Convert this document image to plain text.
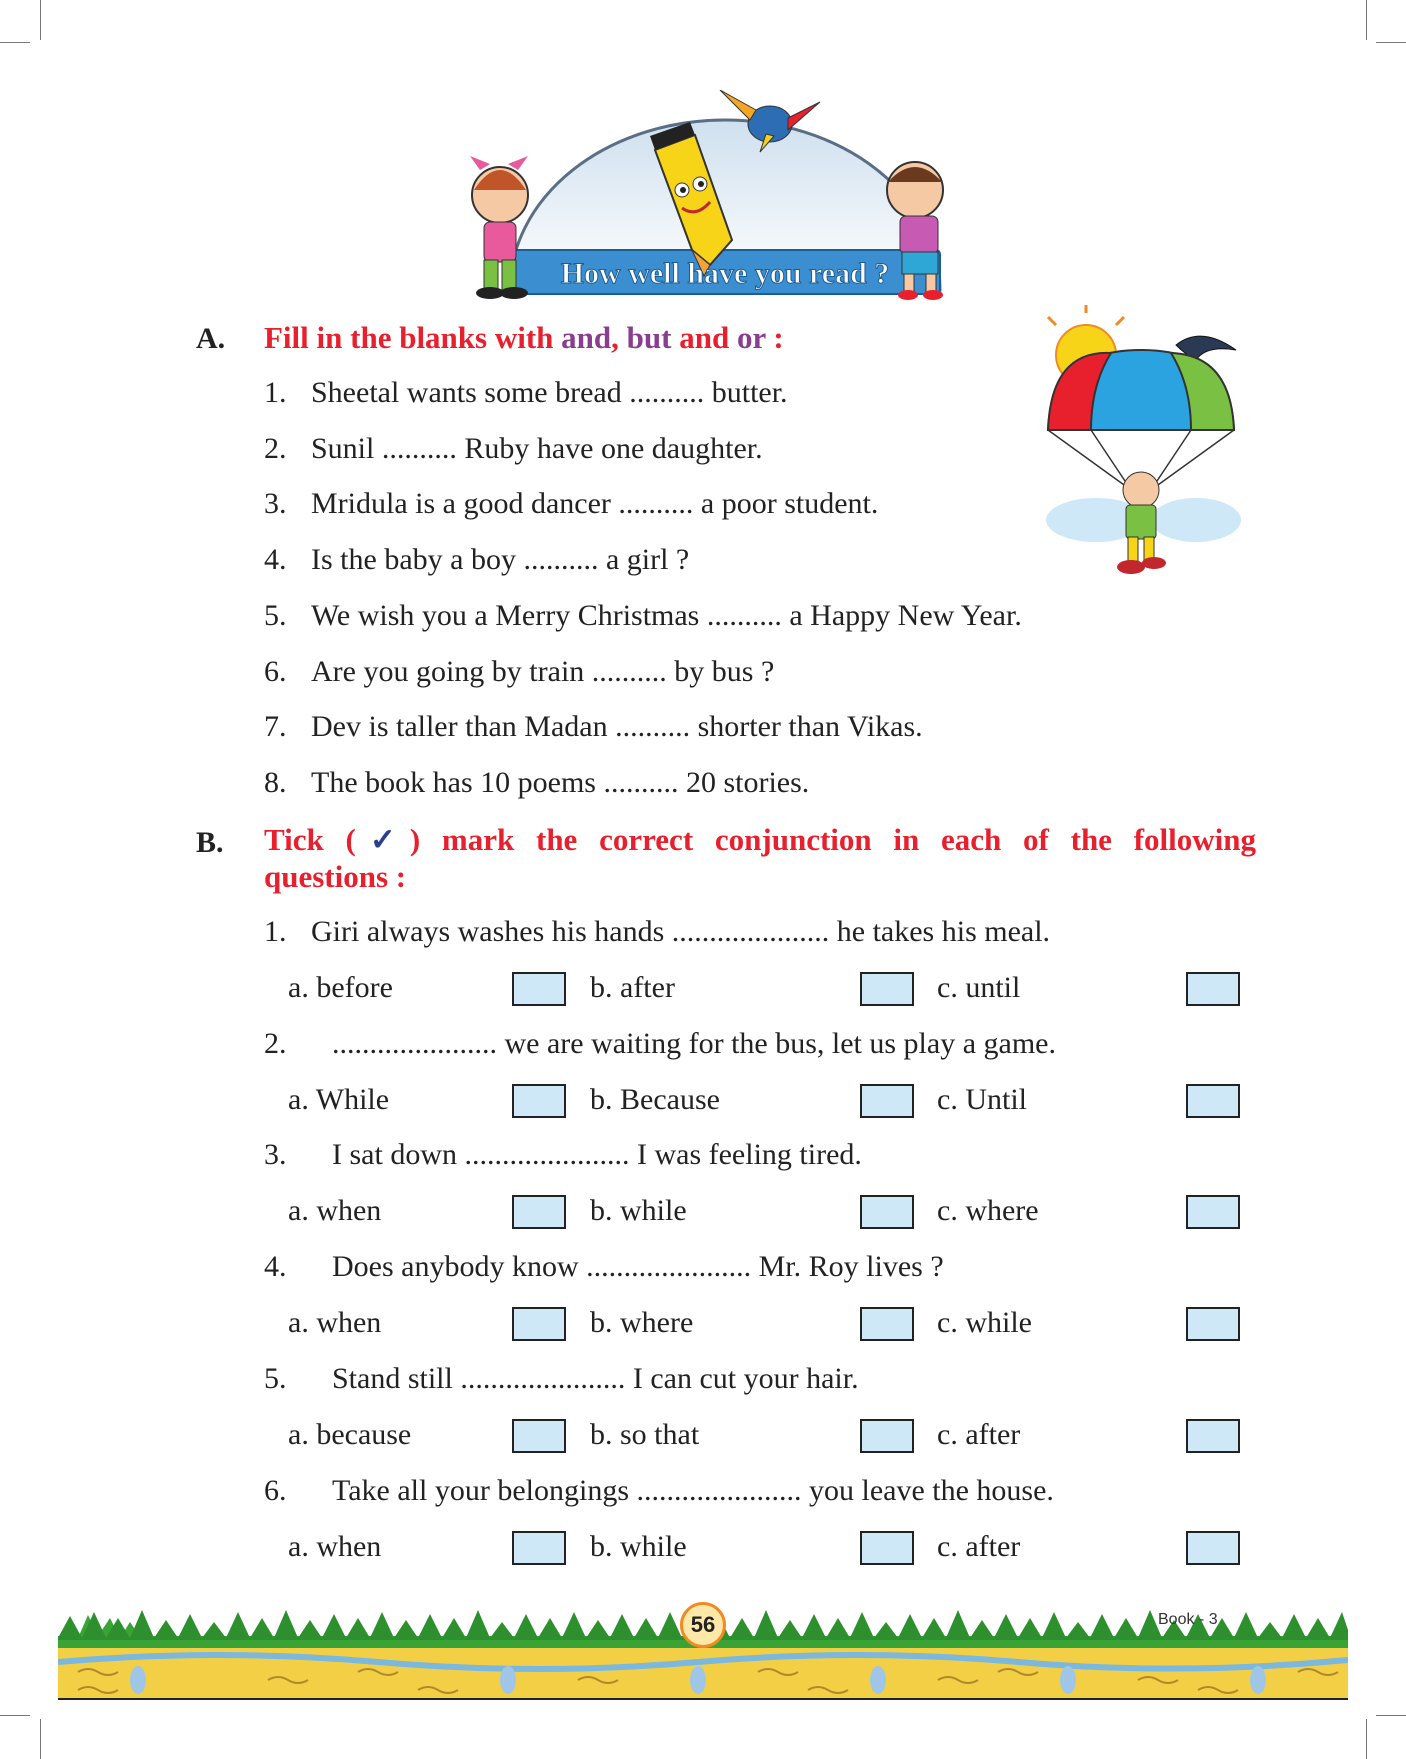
How well have you read ?
A. Fill in the blanks with and, but and or :
1. Sheetal wants some bread .......... butter.
2. Sunil .......... Ruby have one daughter.
3. Mridula is a good dancer .......... a poor student.
4. Is the baby a boy .......... a girl ?
5. We wish you a Merry Christmas .......... a Happy New Year.
6. Are you going by train .......... by bus ?
7. Dev is taller than Madan .......... shorter than Vikas.
8. The book has 10 poems .......... 20 stories.
B. Tick (✓) mark the correct conjunction in each of the following
questions :
1. Giri always washes his hands ..................... he takes his meal.
a. before	b. after	c. until
2. ...................... we are waiting for the bus, let us play a game.
a. While	b. Because	c. Until
3. I sat down ...................... I was feeling tired.
a. when	b. while	c. where
4. Does anybody know ...................... Mr. Roy lives ?
a. when	b. where	c. while
5. Stand still ...................... I can cut your hair.
a. because	b. so that	c. after
6. Take all your belongings ...................... you leave the house.
a. when	b. while	c. after
56	Book - 3
